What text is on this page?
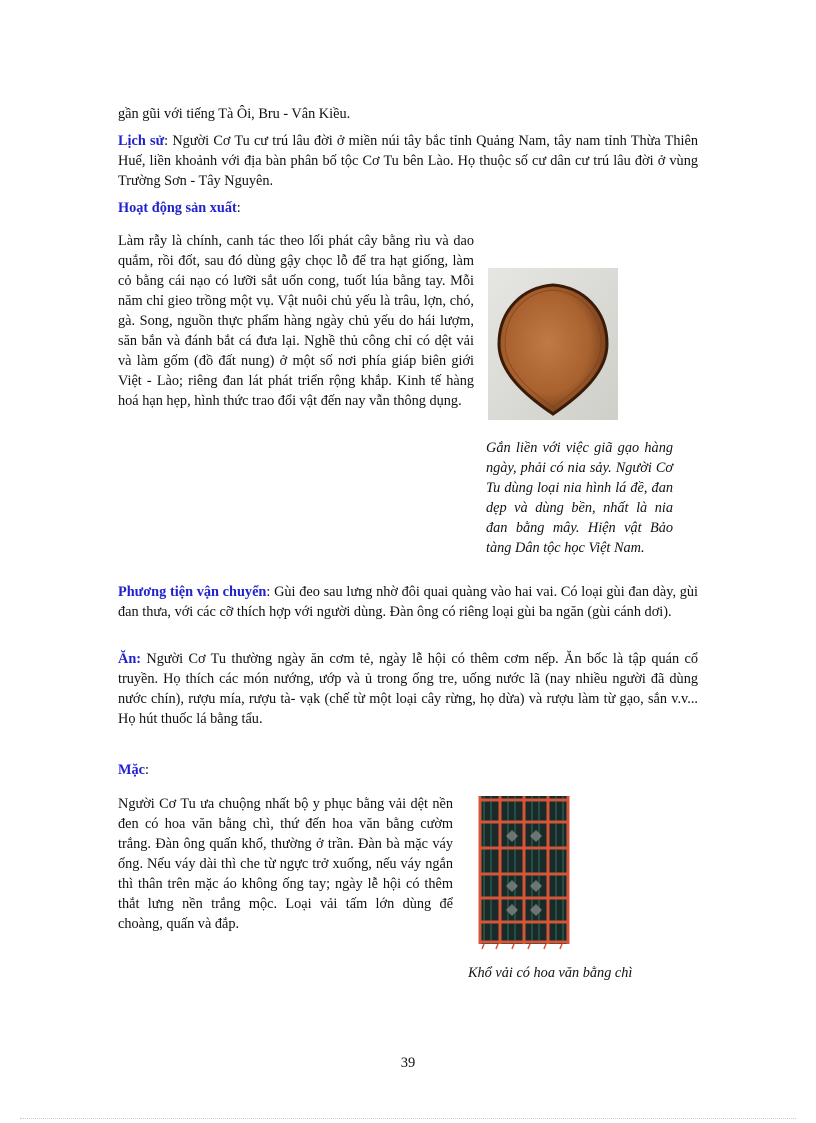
gần gũi với tiếng Tà Ôi, Bru - Vân Kiều.

Lịch sử: Người Cơ Tu cư trú lâu đời ở miền núi tây bắc tỉnh Quảng Nam, tây nam tỉnh Thừa Thiên Huế, liền khoảnh với địa bàn phân bố tộc Cơ Tu bên Lào. Họ thuộc số cư dân cư trú lâu đời ở vùng Trường Sơn - Tây Nguyên.

Hoạt động sản xuất:

Làm rẫy là chính, canh tác theo lối phát cây bằng rìu và dao quắm, rồi đốt, sau đó dùng gậy chọc lỗ để tra hạt giống, làm cỏ bằng cái nạo có lưỡi sắt uốn cong, tuốt lúa bằng tay. Mỗi năm chỉ gieo trồng một vụ. Vật nuôi chủ yếu là trâu, lợn, chó, gà. Song, nguồn thực phẩm hàng ngày chủ yếu do hái lượm, săn bắn và đánh bắt cá đưa lại. Nghề thủ công chỉ có dệt vải và làm gốm (đồ đất nung) ở một số nơi phía giáp biên giới Việt - Lào; riêng đan lát phát triển rộng khắp. Kinh tế hàng hoá hạn hẹp, hình thức trao đổi vật đến nay vẫn thông dụng.

Gắn liền với việc giã gạo hàng ngày, phải có nia sảy. Người Cơ Tu dùng loại nia hình lá đề, đan dẹp và dùng bền, nhất là nia đan bằng mây. Hiện vật Bảo tàng Dân tộc học Việt Nam.

Phương tiện vận chuyển: Gùi đeo sau lưng nhờ đôi quai quàng vào hai vai. Có loại gùi đan dày, gùi đan thưa, với các cỡ thích hợp với người dùng. Đàn ông có riêng loại gùi ba ngăn (gùi cánh dơi).

Ăn: Người Cơ Tu thường ngày ăn cơm tẻ, ngày lễ hội có thêm cơm nếp. Ăn bốc là tập quán cổ truyền. Họ thích các món nướng, ướp và ủ trong ống tre, uống nước lã (nay nhiều người đã dùng nước chín), rượu mía, rượu tà- vạk (chế từ một loại cây rừng, họ dừa) và rượu làm từ gạo, sắn v.v... Họ hút thuốc lá bằng tẩu.

Mặc:

Người Cơ Tu ưa chuộng nhất bộ y phục bằng vải dệt nền đen có hoa văn bằng chì, thứ đến hoa văn bằng cườm trắng. Đàn ông quấn khố, thường ở trần. Đàn bà mặc váy ống. Nếu váy dài thì che từ ngực trở xuống, nếu váy ngắn thì thân trên mặc áo không ống tay; ngày lễ hội có thêm thắt lưng nền trắng mộc. Loại vải tấm lớn dùng để choàng, quấn và đắp.

Khổ vải có hoa văn bằng chì

39
